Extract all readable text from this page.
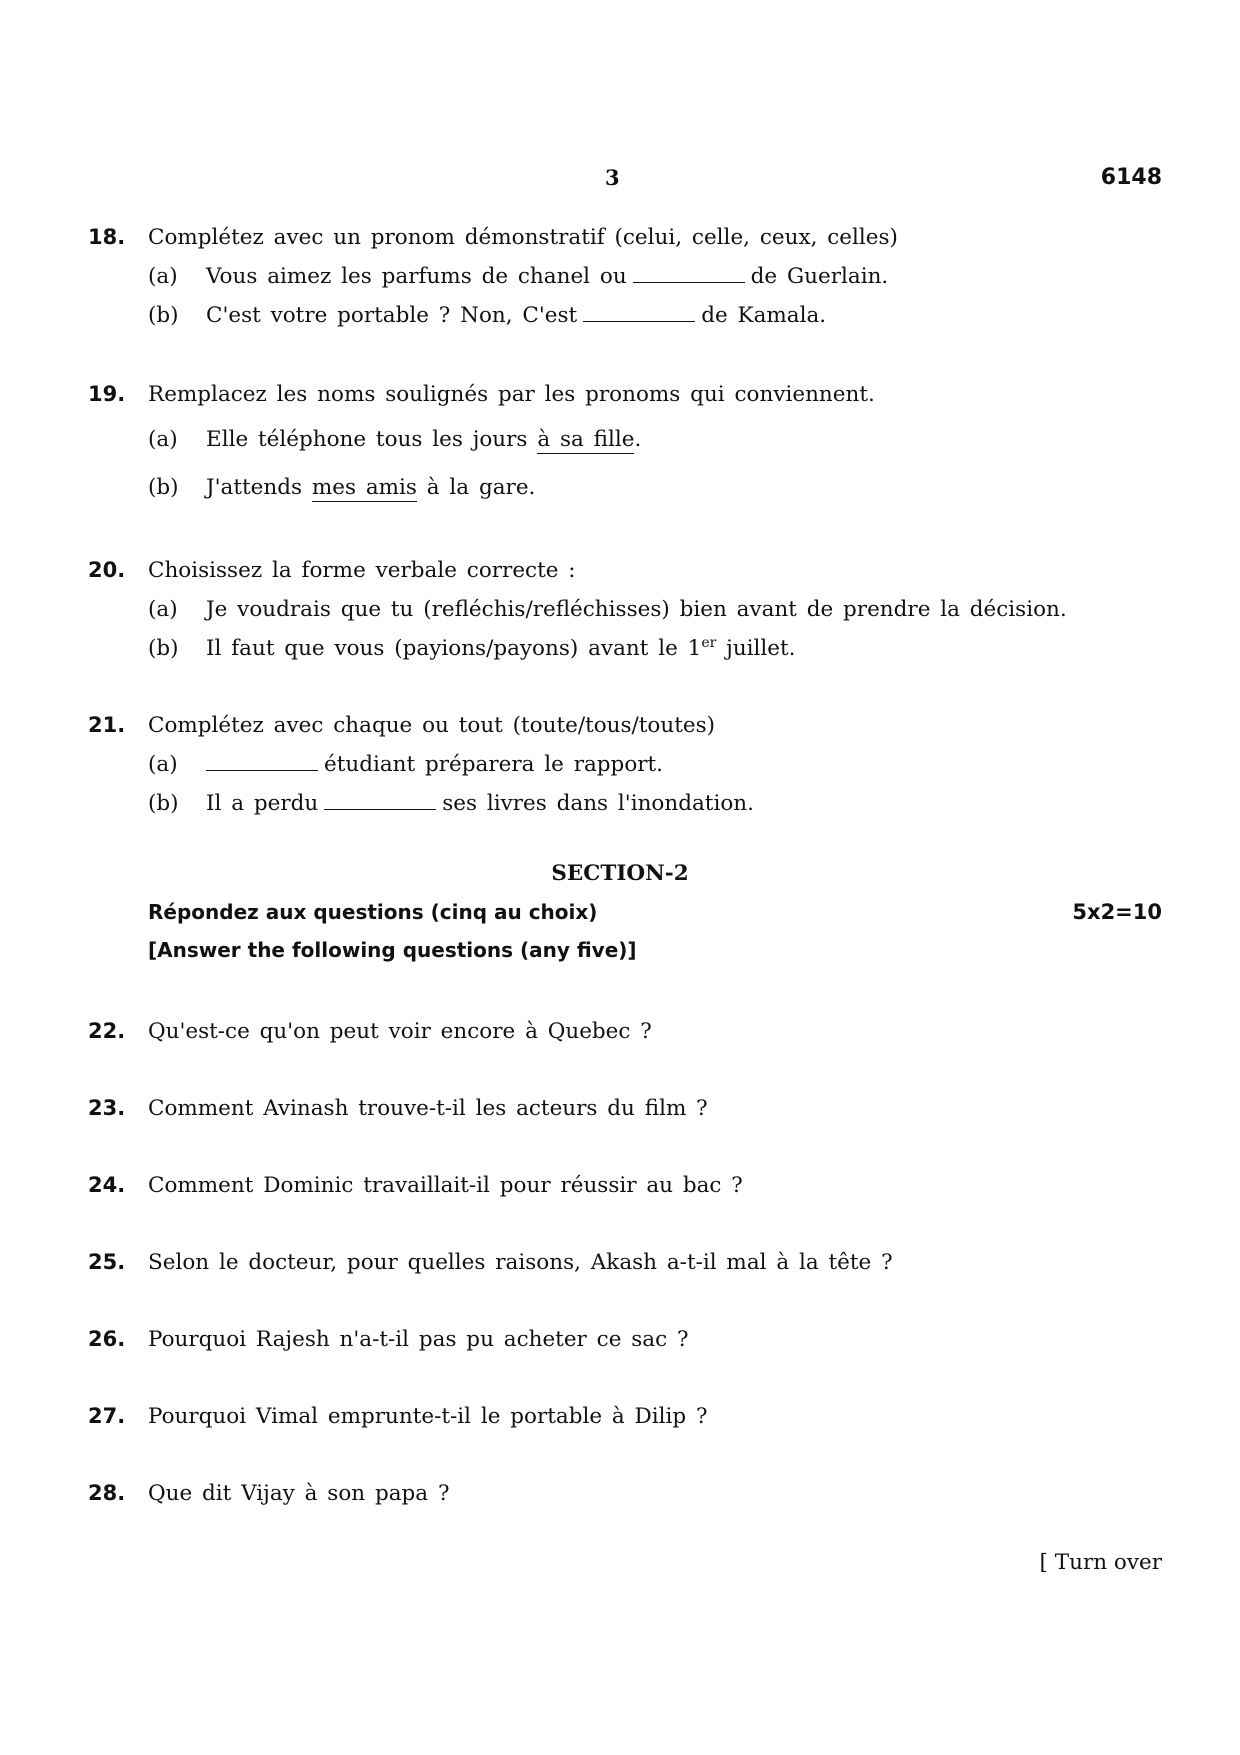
3	6148
18.	Complétez avec un pronom démonstratif (celui, celle, ceux, celles)
(a) Vous aimez les parfums de chanel ou	de Guerlain.
(b) C'est votre portable ? Non, C'est	de Kamala.
19.	Remplacez les noms soulignés par les pronoms qui conviennent.
(a) Elle téléphone tous les jours à sa fille.
(b) J'attends mes amis à la gare.
20.	Choisissez la forme verbale correcte :
(a) Je voudrais que tu (refléchis/refléchisses) bien avant de prendre la décision.
(b) Il faut que vous (payions/payons) avant le 1er juillet.
21.	Complétez avec chaque ou tout (toute/tous/toutes)
(a)	étudiant préparera le rapport.
(b) Il a perdu	ses livres dans l'inondation.
SECTION-2
Répondez aux questions (cinq au choix)	5x2=10
[Answer the following questions (any five)]
22.	Qu'est-ce qu'on peut voir encore à Quebec ?
23.	Comment Avinash trouve-t-il les acteurs du film ?
24.	Comment Dominic travaillait-il pour réussir au bac ?
25.	Selon le docteur, pour quelles raisons, Akash a-t-il mal à la tête ?
26.	Pourquoi Rajesh n'a-t-il pas pu acheter ce sac ?
27.	Pourquoi Vimal emprunte-t-il le portable à Dilip ?
28.	Que dit Vijay à son papa ?
[ Turn over
